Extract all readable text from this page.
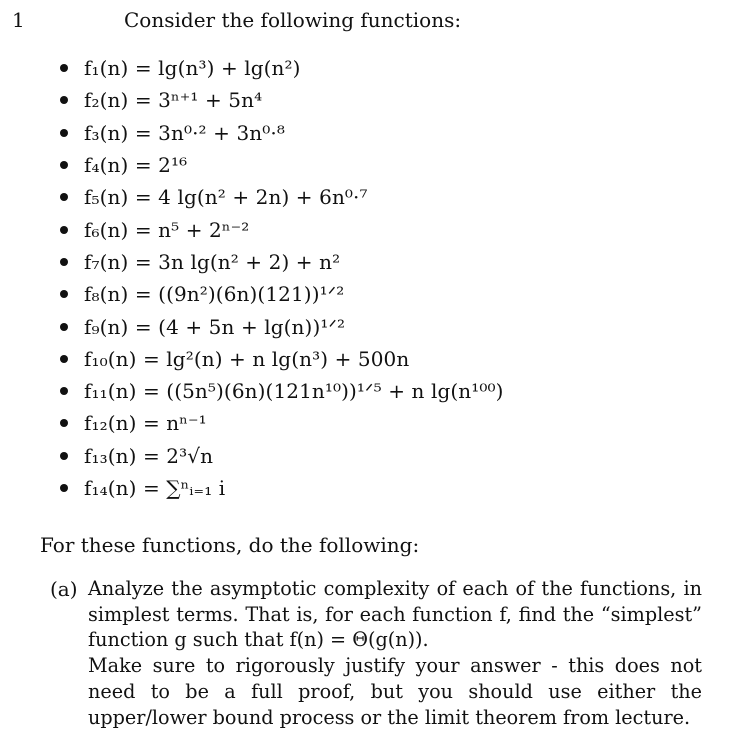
1	Consider the following functions:
f₁(n) = lg(n³) + lg(n²)
f₂(n) = 3ⁿ⁺¹ + 5n⁴
f₃(n) = 3n⁰·² + 3n⁰·⁸
f₄(n) = 2¹⁶
f₅(n) = 4 lg(n² + 2n) + 6n⁰·⁷
f₆(n) = n⁵ + 2ⁿ⁻²
f₇(n) = 3n lg(n² + 2) + n²
f₈(n) = ((9n²)(6n)(121))¹ᐟ²
f₉(n) = (4 + 5n + lg(n))¹ᐟ²
f₁₀(n) = lg²(n) + n lg(n³) + 500n
f₁₁(n) = ((5n⁵)(6n)(121n¹⁰))¹ᐟ⁵ + n lg(n¹⁰⁰)
f₁₂(n) = nⁿ⁻¹
f₁₃(n) = 2³√n
f₁₄(n) = ∑ⁿᵢ₌₁ i
For these functions, do the following:
(a) Analyze the asymptotic complexity of each of the functions, in simplest terms. That is, for each function f, find the “simplest” function g such that f(n) = Θ(g(n)).

Make sure to rigorously justify your answer - this does not need to be a full proof, but you should use either the upper/lower bound process or the limit theorem from lecture.
